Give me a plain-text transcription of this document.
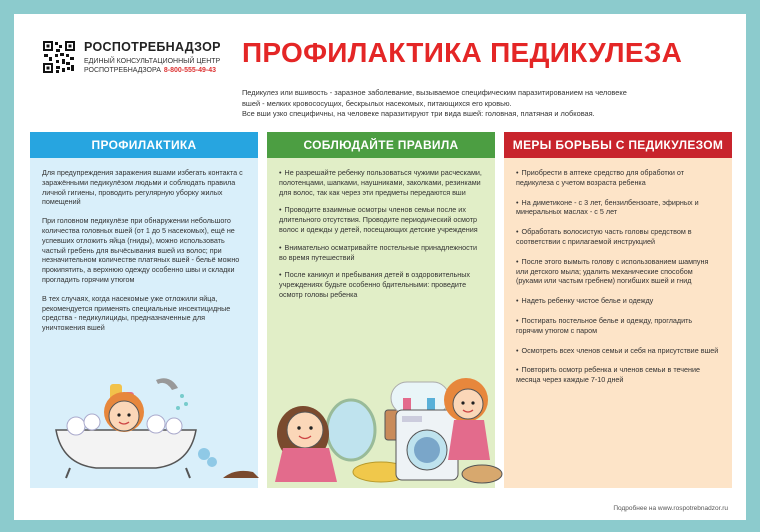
РОСПОТРЕБНАДЗОР
ЕДИНЫЙ КОНСУЛЬТАЦИОННЫЙ ЦЕНТР
РОСПОТРЕБНАДЗОРА 8-800-555-49-43
ПРОФИЛАКТИКА ПЕДИКУЛЕЗА

Педикулез или вшивость - заразное заболевание, вызываемое специфическим паразитированием на человеке вшей - мелких кровососущих, бескрылых насекомых, питающихся его кровью.

Все вши узко специфичны, на человеке паразитируют три вида вшей: головная, платяная и лобковая.

ПРОФИЛАКТИКА
Для предупреждения заражения вшами избегать контакта с заражёнными педикулёзом людьми и соблюдать правила личной гигиены, проводить регулярную уборку жилых помещений
При головном педикулёзе при обнаружении небольшого количества головных вшей (от 1 до 5 насекомых), ещё не успевших отложить яйца (гниды), можно использовать частый гребень для вычёсывания вшей из волос; при незначительном количестве платяных вшей - бельё можно прокипятить, а верхнюю одежду особенно швы и складки прогладить горячим утюгом
В тех случаях, когда насекомые уже отложили яйца, рекомендуется применять специальные инсектицидные средства - педикулициды, предназначенные для уничтожения вшей
СОБЛЮДАЙТЕ ПРАВИЛА
• Не разрешайте ребенку пользоваться чужими расческами, полотенцами, шапками, наушниками, заколками, резинками для волос, так как через эти предметы передаются вши
• Проводите взаимные осмотры членов семьи после их длительного отсутствия. Проводите периодический осмотр волос и одежды у детей, посещающих детские учреждения
• Внимательно осматривайте постельные принадлежности во время путешествий
• После каникул и пребывания детей в оздоровительных учреждениях будьте особенно бдительными: проведите осмотр головы ребенка
МЕРЫ БОРЬБЫ С ПЕДИКУЛЕЗОМ
• Приобрести в аптеке средство для обработки от педикулеза с учетом возраста ребенка
• На диметиконе - с 3 лет, бензилбензоате, эфирных и минеральных маслах - с 5 лет
• Обработать волосистую часть головы средством в соответствии с прилагаемой инструкцией
• После этого вымыть голову с использованием шампуня или детского мыла; удалить механические способом (руками или частым гребнем) погибших вшей и гнид
• Надеть ребенку чистое белье и одежду
• Постирать постельное белье и одежду, прогладить горячим утюгом с паром
• Осмотреть всех членов семьи и себя на присутствие вшей
• Повторить осмотр ребенка и членов семьи в течение месяца через каждые 7-10 дней
Подробнее на www.rospotrebnadzor.ru
